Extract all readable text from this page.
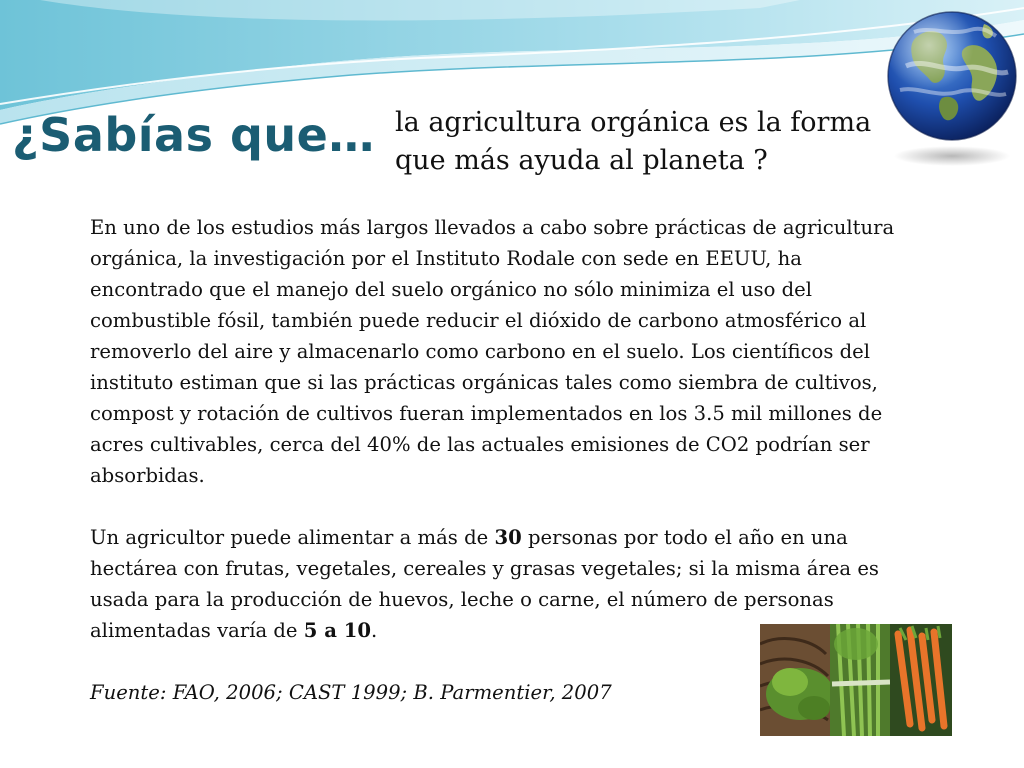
¿Sabías que… la agricultura orgánica es la forma
que más ayuda al planeta ?

En uno de los estudios más largos llevados a cabo sobre prácticas de agricultura orgánica, la investigación por el Instituto Rodale con sede en EEUU, ha encontrado que el manejo del suelo orgánico no sólo minimiza el uso del combustible fósil, también puede reducir el dióxido de carbono atmosférico al removerlo del aire y almacenarlo como carbono en el suelo. Los científicos del instituto estiman que si las prácticas orgánicas tales como siembra de cultivos, compost y rotación de cultivos fueran implementados en los 3.5 mil millones de acres cultivables, cerca del 40% de las actuales emisiones de CO2 podrían ser absorbidas.

Un agricultor puede alimentar a más de 30 personas por todo el año en una hectárea con frutas, vegetales, cereales y grasas vegetales; si la misma área es usada para la producción de huevos, leche o carne, el número de personas alimentadas varía de 5 a 10.

Fuente: FAO, 2006; CAST 1999; B. Parmentier, 2007
